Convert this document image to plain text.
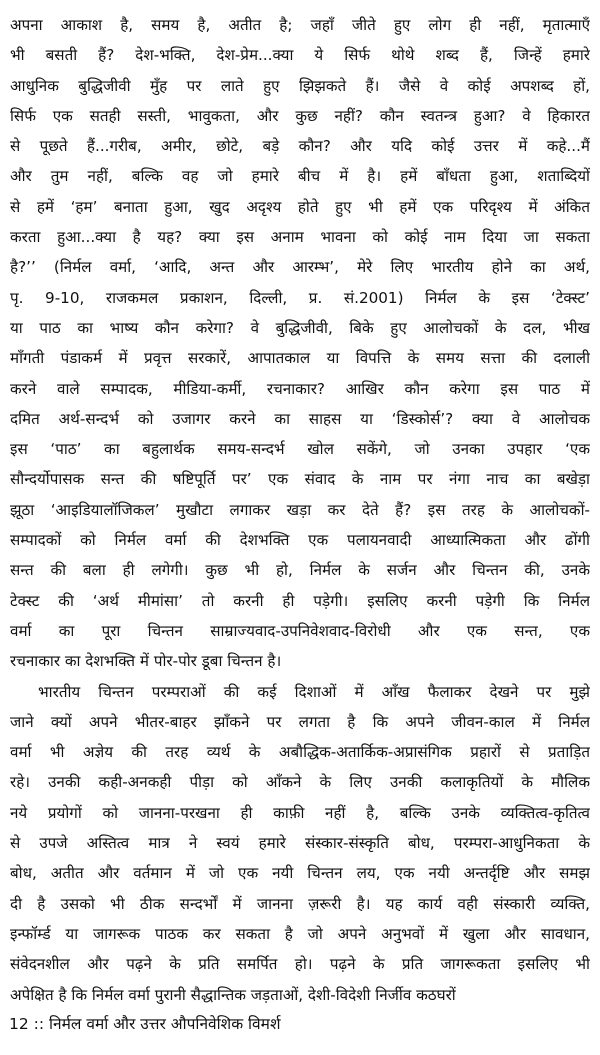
अपना आकाश है, समय है, अतीत है; जहाँ जीते हुए लोग ही नहीं, मृतात्माएँ
भी बसती हैं? देश-भक्ति, देश-प्रेम...क्या ये सिर्फ थोथे शब्द हैं, जिन्हें हमारे
आधुनिक बुद्धिजीवी मुँह पर लाते हुए झिझकते हैं। जैसे वे कोई अपशब्द हों,
सिर्फ एक सतही सस्ती, भावुकता, और कुछ नहीं? कौन स्वतन्त्र हुआ? वे हिकारत
से पूछते हैं...गरीब, अमीर, छोटे, बड़े कौन? और यदि कोई उत्तर में कहे...मैं
और तुम नहीं, बल्कि वह जो हमारे बीच में है। हमें बाँधता हुआ, शताब्दियों
से हमें ‘हम’ बनाता हुआ, खुद अदृश्य होते हुए भी हमें एक परिदृश्य में अंकित
करता हुआ...क्या है यह? क्या इस अनाम भावना को कोई नाम दिया जा सकता
है?’’ (निर्मल वर्मा, ‘आदि, अन्त और आरम्भ’, मेरे लिए भारतीय होने का अर्थ,
पृ. 9-10, राजकमल प्रकाशन, दिल्ली, प्र. सं.2001) निर्मल के इस ‘टेक्स्ट’
या पाठ का भाष्य कौन करेगा? वे बुद्धिजीवी, बिके हुए आलोचकों के दल, भीख
माँगती पंडाकर्म में प्रवृत्त सरकारें, आपातकाल या विपत्ति के समय सत्ता की दलाली
करने वाले सम्पादक, मीडिया-कर्मी, रचनाकार? आखिर कौन करेगा इस पाठ में
दमित अर्थ-सन्दर्भ को उजागर करने का साहस या ‘डिस्कोर्स’? क्या वे आलोचक
इस ‘पाठ’ का बहुलार्थक समय-सन्दर्भ खोल सकेंगे, जो उनका उपहार ‘एक
सौन्दर्योपासक सन्त की षष्टिपूर्ति पर’ एक संवाद के नाम पर नंगा नाच का बखेड़ा
झूठा ‘आइडियालॉजिकल’ मुखौटा लगाकर खड़ा कर देते हैं? इस तरह के आलोचकों-
सम्पादकों को निर्मल वर्मा की देशभक्ति एक पलायनवादी आध्यात्मिकता और ढोंगी
सन्त की बला ही लगेगी। कुछ भी हो, निर्मल के सर्जन और चिन्तन की, उनके
टेक्स्ट की ‘अर्थ मीमांसा’ तो करनी ही पड़ेगी। इसलिए करनी पड़ेगी कि निर्मल
वर्मा का पूरा चिन्तन साम्राज्यवाद-उपनिवेशवाद-विरोधी और एक सन्त, एक
रचनाकार का देशभक्ति में पोर-पोर डूबा चिन्तन है।
भारतीय चिन्तन परम्पराओं की कई दिशाओं में आँख फैलाकर देखने पर मुझे
जाने क्यों अपने भीतर-बाहर झाँकने पर लगता है कि अपने जीवन-काल में निर्मल
वर्मा भी अज्ञेय की तरह व्यर्थ के अबौद्धिक-अतार्किक-अप्रासंगिक प्रहारों से प्रताड़ित
रहे। उनकी कही-अनकही पीड़ा को आँकने के लिए उनकी कलाकृतियों के मौलिक
नये प्रयोगों को जानना-परखना ही काफ़ी नहीं है, बल्कि उनके व्यक्तित्व-कृतित्व
से उपजे अस्तित्व मात्र ने स्वयं हमारे संस्कार-संस्कृति बोध, परम्परा-आधुनिकता के
बोध, अतीत और वर्तमान में जो एक नयी चिन्तन लय, एक नयी अन्तर्दृष्टि और समझ
दी है उसको भी ठीक सन्दर्भों में जानना ज़रूरी है। यह कार्य वही संस्कारी व्यक्ति,
इन्फॉर्म्ड या जागरूक पाठक कर सकता है जो अपने अनुभवों में खुला और सावधान,
संवेदनशील और पढ़ने के प्रति समर्पित हो। पढ़ने के प्रति जागरूकता इसलिए भी
अपेक्षित है कि निर्मल वर्मा पुरानी सैद्धान्तिक जड़ताओं, देशी-विदेशी निर्जीव कठघरों
12 :: निर्मल वर्मा और उत्तर औपनिवेशिक विमर्श
